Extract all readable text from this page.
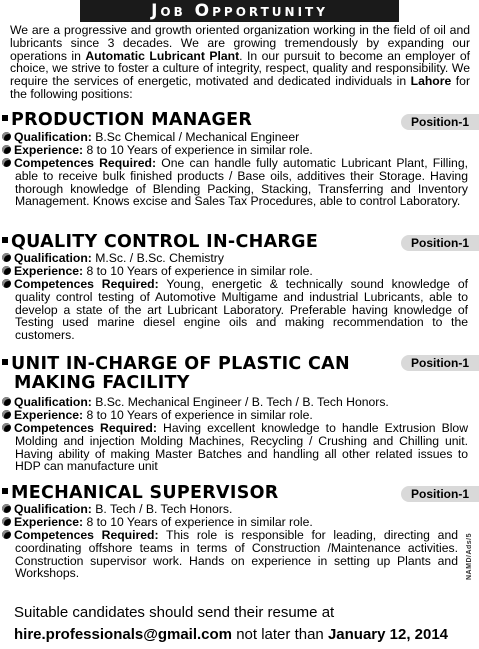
Job Opportunity
We are a progressive and growth oriented organization working in the field of oil and lubricants since 3 decades. We are growing tremendously by expanding our operations in Automatic Lubricant Plant. In our pursuit to become an employer of choice, we strive to foster a culture of integrity, respect, quality and responsibility. We require the services of energetic, motivated and dedicated individuals in Lahore for the following positions:
PRODUCTION MANAGER	Position-1
Qualification: B.Sc Chemical / Mechanical Engineer
Experience: 8 to 10 Years of experience in similar role.
Competences Required: One can handle fully automatic Lubricant Plant, Filling, able to receive bulk finished products / Base oils, additives their Storage. Having thorough knowledge of Blending Packing, Stacking, Transferring and Inventory Management. Knows excise and Sales Tax Procedures, able to control Laboratory.
QUALITY CONTROL IN-CHARGE	Position-1
Qualification: M.Sc. / B.Sc. Chemistry
Experience: 8 to 10 Years of experience in similar role.
Competences Required: Young, energetic & technically sound knowledge of quality control testing of Automotive Multigame and industrial Lubricants, able to develop a state of the art Lubricant Laboratory. Preferable having knowledge of Testing used marine diesel engine oils and making recommendation to the customers.
UNIT IN-CHARGE OF PLASTIC CAN
MAKING FACILITY
Position-1
Qualification: B.Sc. Mechanical Engineer / B. Tech / B. Tech Honors.
Experience: 8 to 10 Years of experience in similar role.
Competences Required: Having excellent knowledge to handle Extrusion Blow Molding and injection Molding Machines, Recycling / Crushing and Chilling unit. Having ability of making Master Batches and handling all other related issues to HDP can manufacture unit
MECHANICAL SUPERVISOR	Position-1
Qualification: B. Tech / B. Tech Honors.
Experience: 8 to 10 Years of experience in similar role.
Competences Required: This role is responsible for leading, directing and coordinating offshore teams in terms of Construction /Maintenance activities. Construction supervisor work. Hands on experience in setting up Plants and Workshops.	NAMD/Ads/5
Suitable candidates should send their resume at
hire.professionals@gmail.com not later than January 12, 2014
